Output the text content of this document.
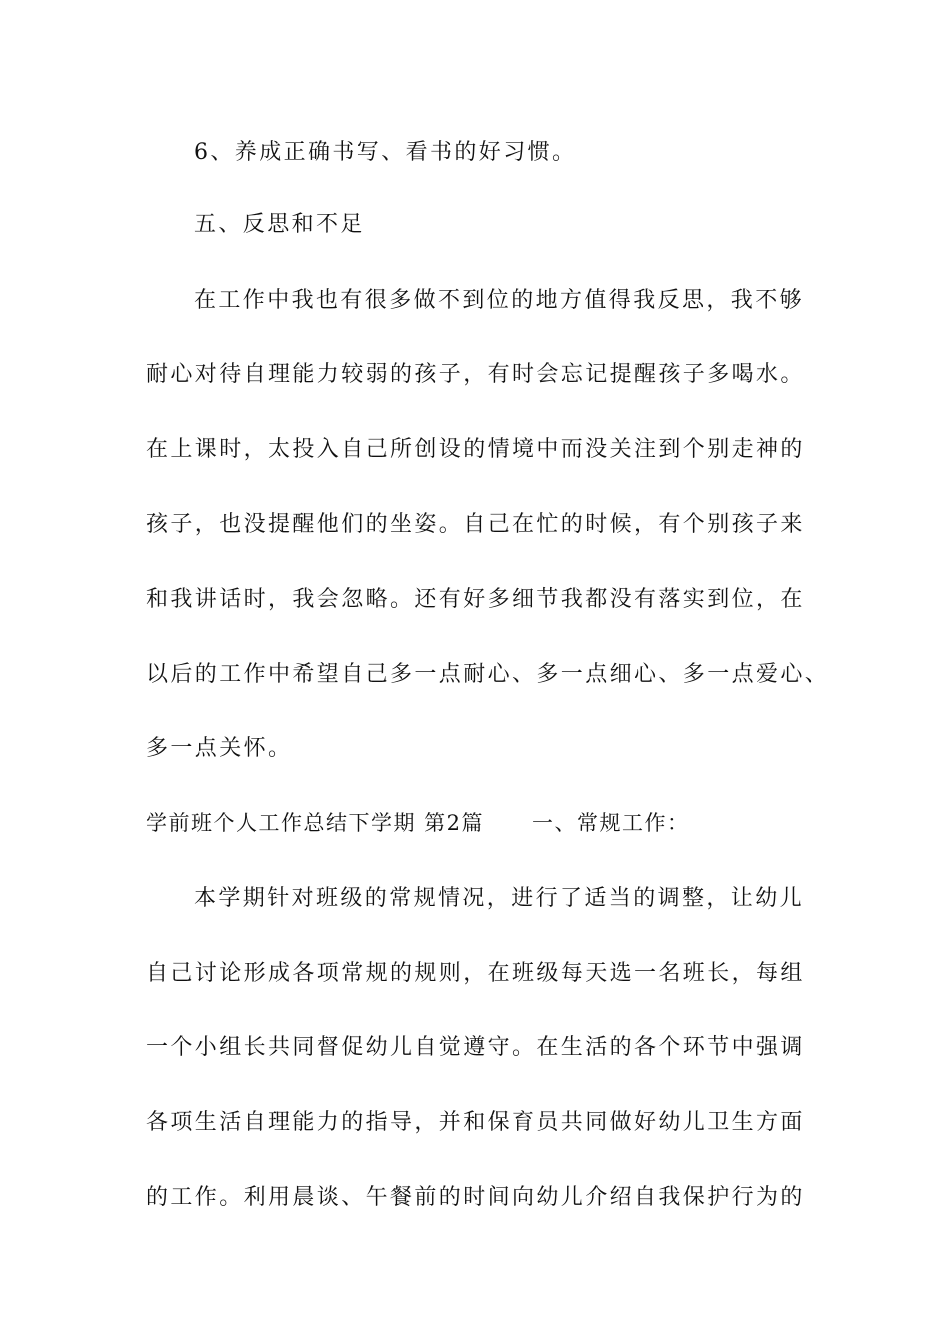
6、养成正确书写、看书的好习惯。
五、反思和不足
在工作中我也有很多做不到位的地方值得我反思，我不够
耐心对待自理能力较弱的孩子，有时会忘记提醒孩子多喝水。
在上课时，太投入自己所创设的情境中而没关注到个别走神的
孩子，也没提醒他们的坐姿。自己在忙的时候，有个别孩子来
和我讲话时，我会忽略。还有好多细节我都没有落实到位，在
以后的工作中希望自己多一点耐心、多一点细心、多一点爱心、
多一点关怀。
学前班个人工作总结下学期 第2篇 一、常规工作：
本学期针对班级的常规情况，进行了适当的调整，让幼儿
自己讨论形成各项常规的规则，在班级每天选一名班长，每组
一个小组长共同督促幼儿自觉遵守。在生活的各个环节中强调
各项生活自理能力的指导，并和保育员共同做好幼儿卫生方面
的工作。利用晨谈、午餐前的时间向幼儿介绍自我保护行为的
